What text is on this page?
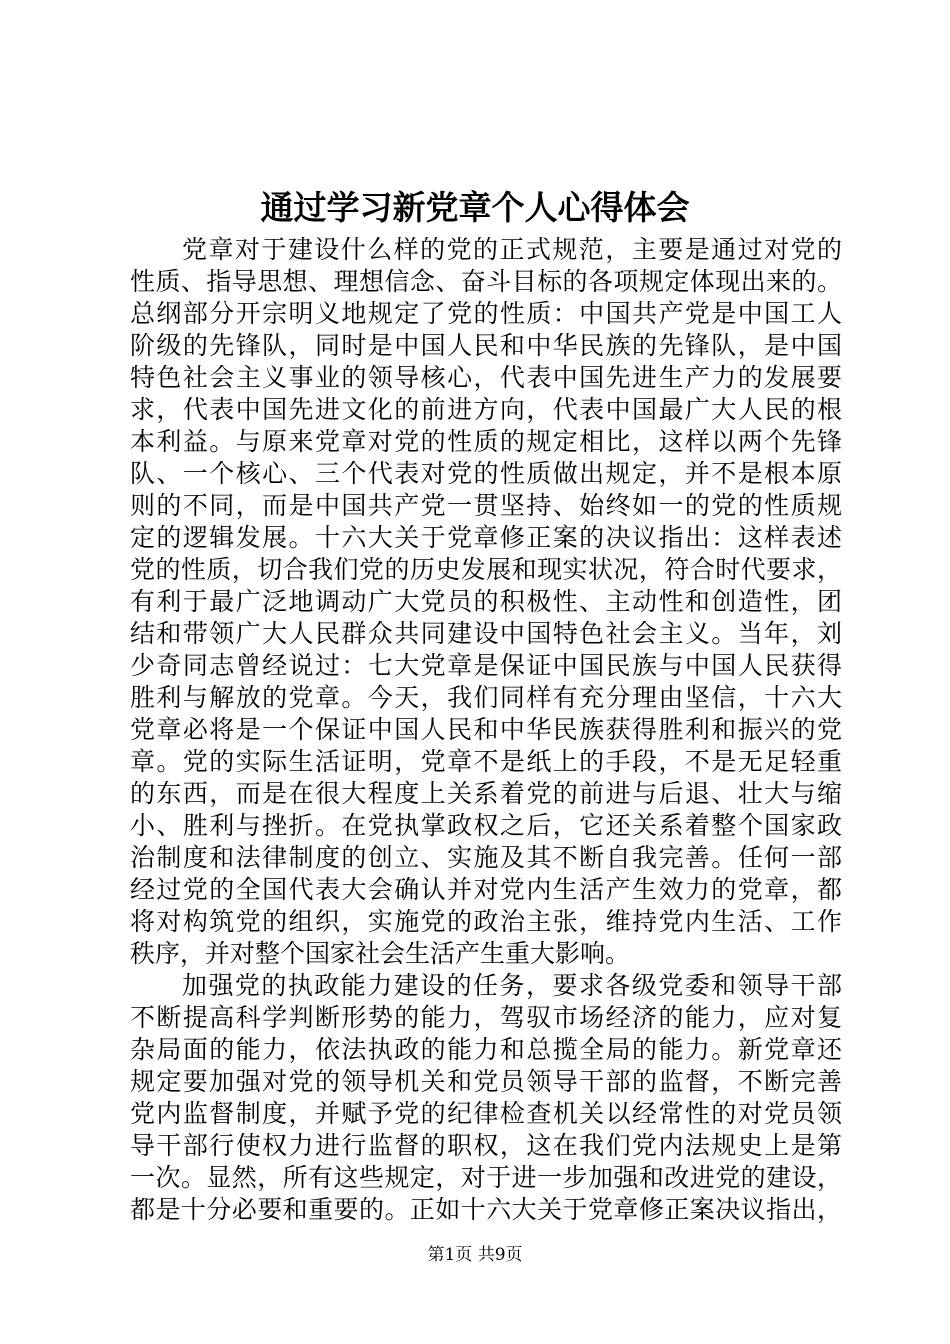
通过学习新党章个人心得体会
党章对于建设什么样的党的正式规范，主要是通过对党的
性质、指导思想、理想信念、奋斗目标的各项规定体现出来的。
总纲部分开宗明义地规定了党的性质：中国共产党是中国工人
阶级的先锋队，同时是中国人民和中华民族的先锋队，是中国
特色社会主义事业的领导核心，代表中国先进生产力的发展要
求，代表中国先进文化的前进方向，代表中国最广大人民的根
本利益。与原来党章对党的性质的规定相比，这样以两个先锋
队、一个核心、三个代表对党的性质做出规定，并不是根本原
则的不同，而是中国共产党一贯坚持、始终如一的党的性质规
定的逻辑发展。十六大关于党章修正案的决议指出：这样表述
党的性质，切合我们党的历史发展和现实状况，符合时代要求，
有利于最广泛地调动广大党员的积极性、主动性和创造性，团
结和带领广大人民群众共同建设中国特色社会主义。当年，刘
少奇同志曾经说过：七大党章是保证中国民族与中国人民获得
胜利与解放的党章。今天，我们同样有充分理由坚信，十六大
党章必将是一个保证中国人民和中华民族获得胜利和振兴的党
章。党的实际生活证明，党章不是纸上的手段，不是无足轻重
的东西，而是在很大程度上关系着党的前进与后退、壮大与缩
小、胜利与挫折。在党执掌政权之后，它还关系着整个国家政
治制度和法律制度的创立、实施及其不断自我完善。任何一部
经过党的全国代表大会确认并对党内生活产生效力的党章，都
将对构筑党的组织，实施党的政治主张，维持党内生活、工作
秩序，并对整个国家社会生活产生重大影响。
加强党的执政能力建设的任务，要求各级党委和领导干部
不断提高科学判断形势的能力，驾驭市场经济的能力，应对复
杂局面的能力，依法执政的能力和总揽全局的能力。新党章还
规定要加强对党的领导机关和党员领导干部的监督，不断完善
党内监督制度，并赋予党的纪律检查机关以经常性的对党员领
导干部行使权力进行监督的职权，这在我们党内法规史上是第
一次。显然，所有这些规定，对于进一步加强和改进党的建设，
都是十分必要和重要的。正如十六大关于党章修正案决议指出，
第1页 共9页
